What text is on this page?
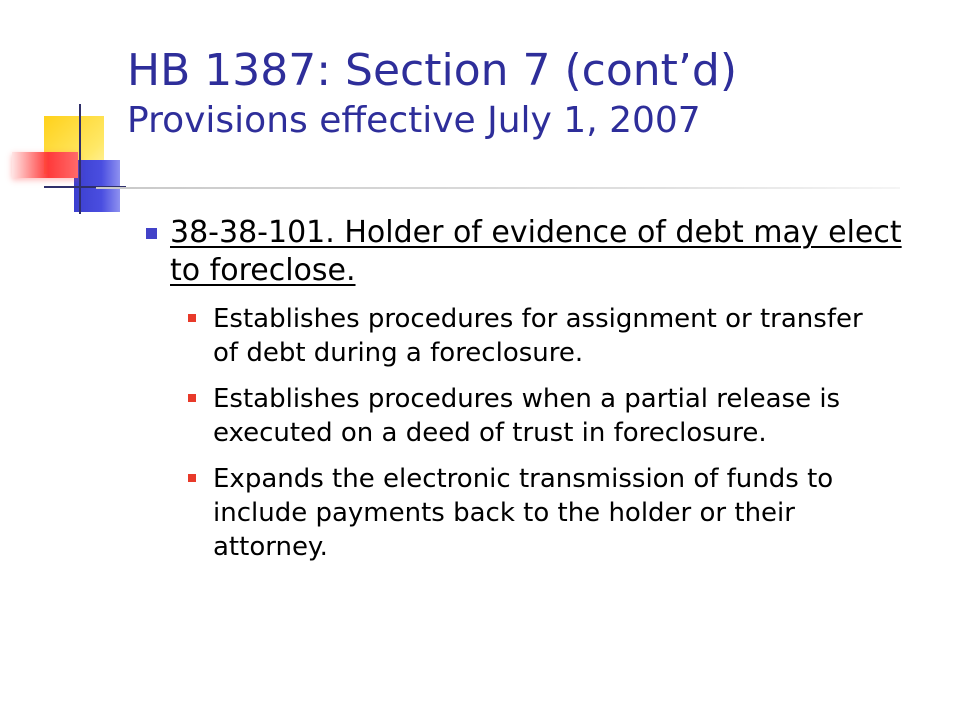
HB 1387: Section 7 (cont’d)

Provisions effective July 1, 2007

38-38-101. Holder of evidence of debt may elect to foreclose.
Establishes procedures for assignment or transfer of debt during a foreclosure.
Establishes procedures when a partial release is executed on a deed of trust in foreclosure.
Expands the electronic transmission of funds to include payments back to the holder or their attorney.
